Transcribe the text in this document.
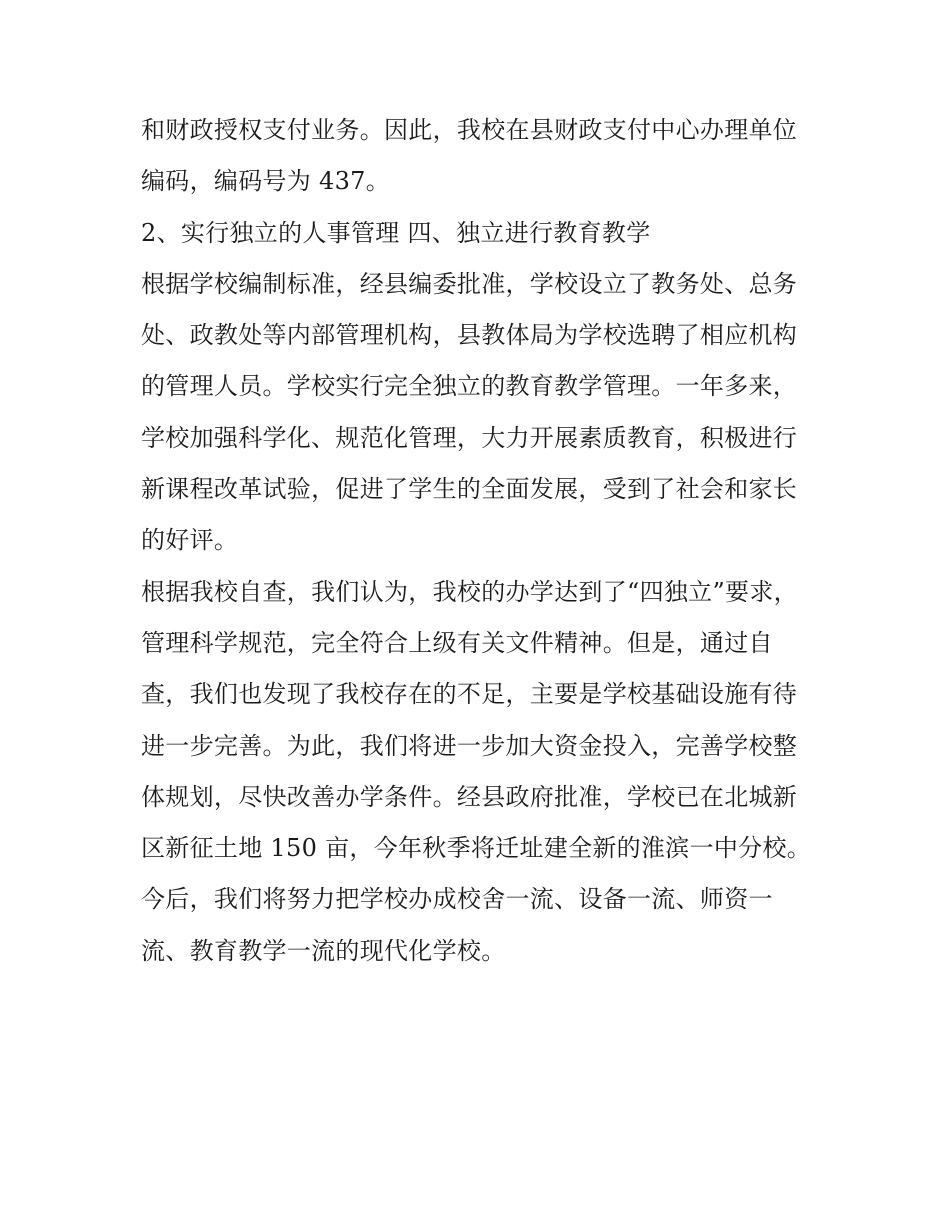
和财政授权支付业务。因此，我校在县财政支付中心办理单位
编码，编码号为 437。
2、实行独立的人事管理 四、独立进行教育教学
根据学校编制标准，经县编委批准，学校设立了教务处、总务
处、政教处等内部管理机构，县教体局为学校选聘了相应机构
的管理人员。学校实行完全独立的教育教学管理。一年多来，
学校加强科学化、规范化管理，大力开展素质教育，积极进行
新课程改革试验，促进了学生的全面发展，受到了社会和家长
的好评。
根据我校自查，我们认为，我校的办学达到了“四独立”要求，
管理科学规范，完全符合上级有关文件精神。但是，通过自
查，我们也发现了我校存在的不足，主要是学校基础设施有待
进一步完善。为此，我们将进一步加大资金投入，完善学校整
体规划，尽快改善办学条件。经县政府批准，学校已在北城新
区新征土地 150 亩，今年秋季将迁址建全新的淮滨一中分校。
今后，我们将努力把学校办成校舍一流、设备一流、师资一
流、教育教学一流的现代化学校。
